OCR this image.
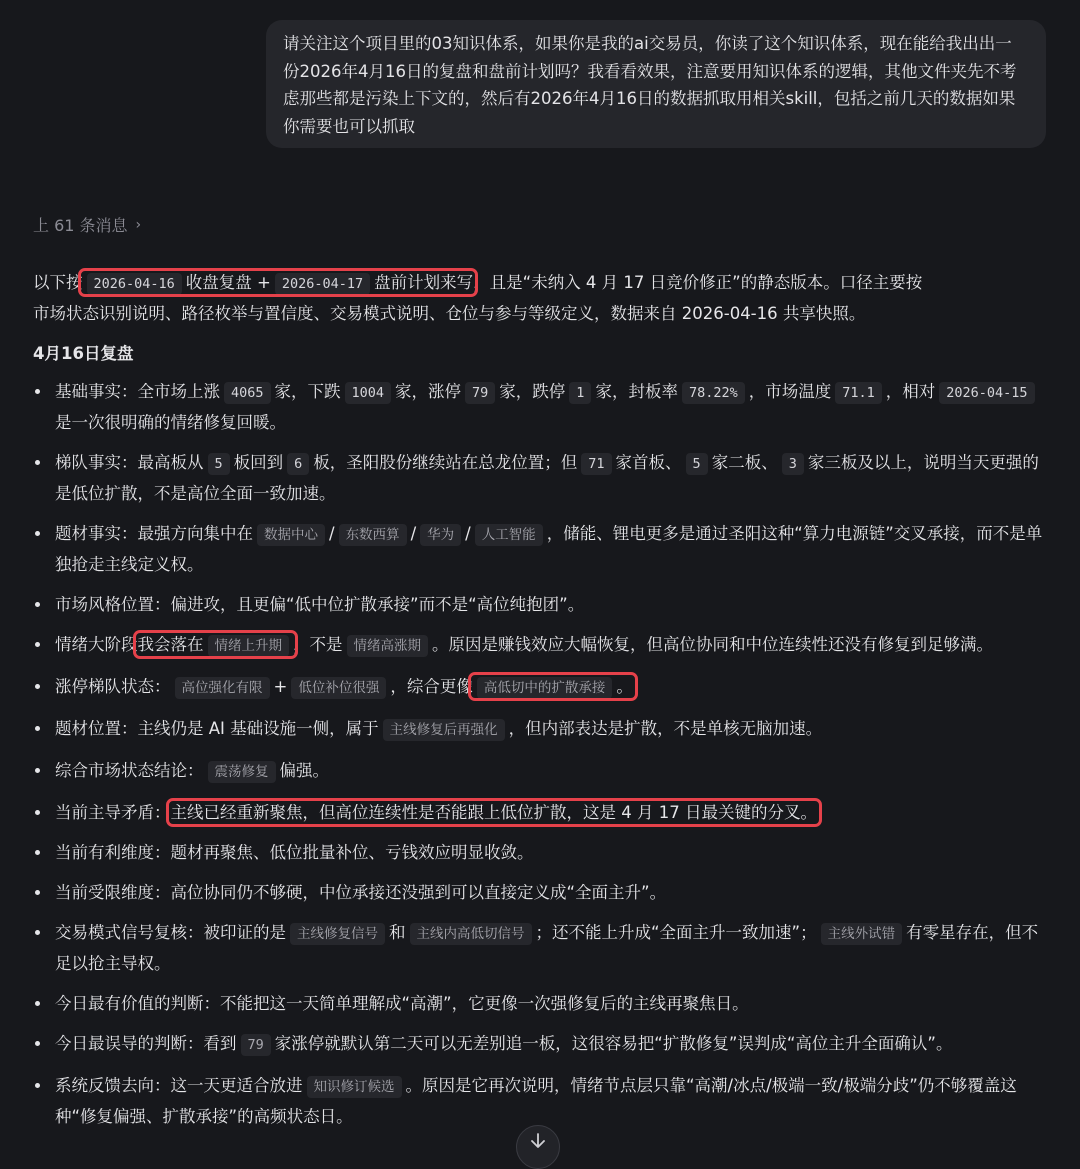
请关注这个项目里的03知识体系，如果你是我的ai交易员，你读了这个知识体系，现在能给我出出一份2026年4月16日的复盘和盘前计划吗？我看看效果，注意要用知识体系的逻辑，其他文件夹先不考虑那些都是污染上下文的，然后有2026年4月16日的数据抓取用相关skill，包括之前几天的数据如果你需要也可以抓取
上 61 条消息 ›
以下按 2026-04-16 收盘复盘 + 2026-04-17 盘前计划来写，且是“未纳入 4 月 17 日竞价修正”的静态版本。口径主要按
市场状态识别说明、路径枚举与置信度、交易模式说明、仓位与参与等级定义，数据来自 2026-04-16 共享快照。
4月16日复盘
基础事实：全市场上涨 4065 家，下跌 1004 家，涨停 79 家，跌停 1 家，封板率 78.22% ，市场温度 71.1 ，相对 2026-04-15是一次很明确的情绪修复回暖。
梯队事实：最高板从 5 板回到 6 板，圣阳股份继续站在总龙位置；但 71 家首板、 5 家二板、 3 家三板及以上，说明当天更强的是低位扩散，不是高位全面一致加速。
题材事实：最强方向集中在 数据中心 / 东数西算 / 华为 / 人工智能 ，储能、锂电更多是通过圣阳这种“算力电源链”交叉承接，而不是单独抢走主线定义权。
市场风格位置：偏进攻，且更偏“低中位扩散承接”而不是“高位纯抱团”。
情绪大阶段我会落在 情绪上升期 ，不是 情绪高涨期 。原因是赚钱效应大幅恢复，但高位协同和中位连续性还没有修复到足够满。
涨停梯队状态： 高位强化有限 + 低位补位很强 ，综合更像 高低切中的扩散承接 。
题材位置：主线仍是 AI 基础设施一侧，属于 主线修复后再强化 ，但内部表达是扩散，不是单核无脑加速。
综合市场状态结论： 震荡修复 偏强。
当前主导矛盾：主线已经重新聚焦，但高位连续性是否能跟上低位扩散，这是 4 月 17 日最关键的分叉。
当前有利维度：题材再聚焦、低位批量补位、亏钱效应明显收敛。
当前受限维度：高位协同仍不够硬，中位承接还没强到可以直接定义成“全面主升”。
交易模式信号复核：被印证的是 主线修复信号 和 主线内高低切信号 ；还不能上升成“全面主升一致加速”； 主线外试错 有零星存在，但不足以抢主导权。
今日最有价值的判断：不能把这一天简单理解成“高潮”，它更像一次强修复后的主线再聚焦日。
今日最误导的判断：看到 79 家涨停就默认第二天可以无差别追一板，这很容易把“扩散修复”误判成“高位主升全面确认”。
系统反馈去向：这一天更适合放进 知识修订候选 。原因是它再次说明，情绪节点层只靠“高潮/冰点/极端一致/极端分歧”仍不够覆盖这种“修复偏强、扩散承接”的高频状态日。
